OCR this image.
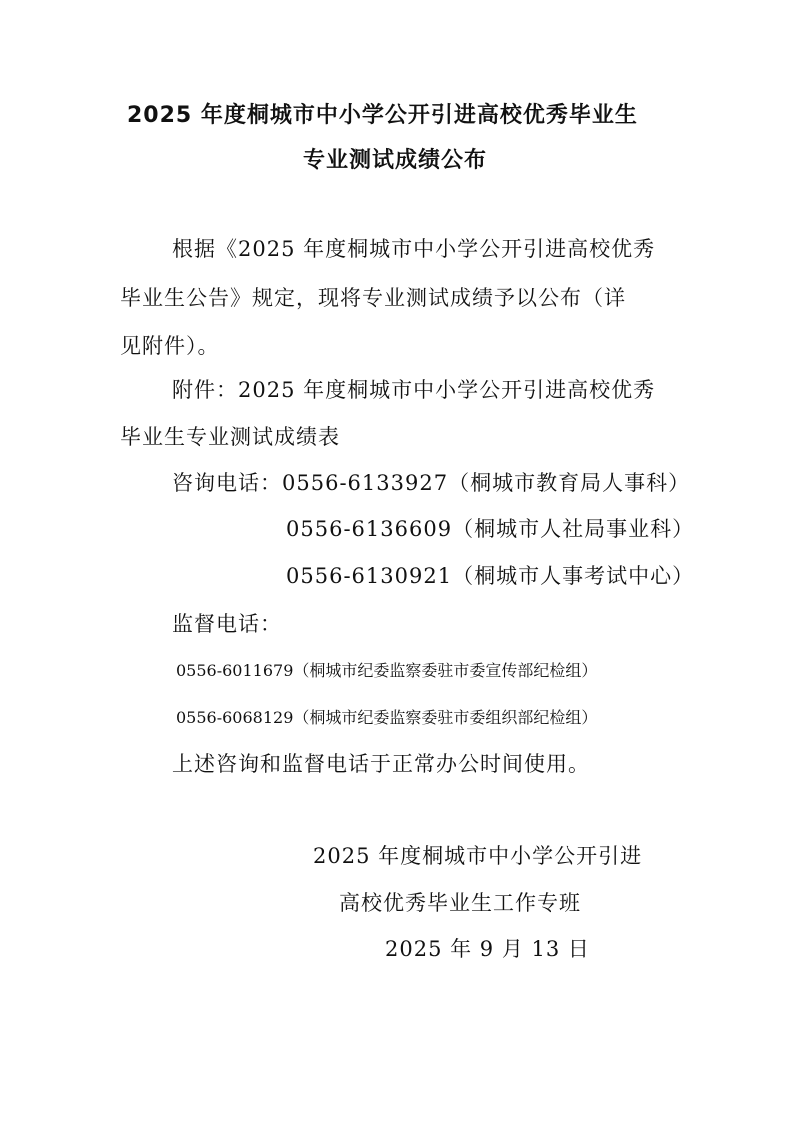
2025 年度桐城市中小学公开引进高校优秀毕业生
专业测试成绩公布
根据《2025 年度桐城市中小学公开引进高校优秀
毕业生公告》规定，现将专业测试成绩予以公布（详
见附件）。
附件：2025 年度桐城市中小学公开引进高校优秀
毕业生专业测试成绩表
咨询电话：0556-6133927（桐城市教育局人事科）
0556-6136609（桐城市人社局事业科）
0556-6130921（桐城市人事考试中心）
监督电话：
0556-6011679（桐城市纪委监察委驻市委宣传部纪检组）
0556-6068129（桐城市纪委监察委驻市委组织部纪检组）
上述咨询和监督电话于正常办公时间使用。
2025 年度桐城市中小学公开引进
高校优秀毕业生工作专班
2025 年 9 月 13 日
